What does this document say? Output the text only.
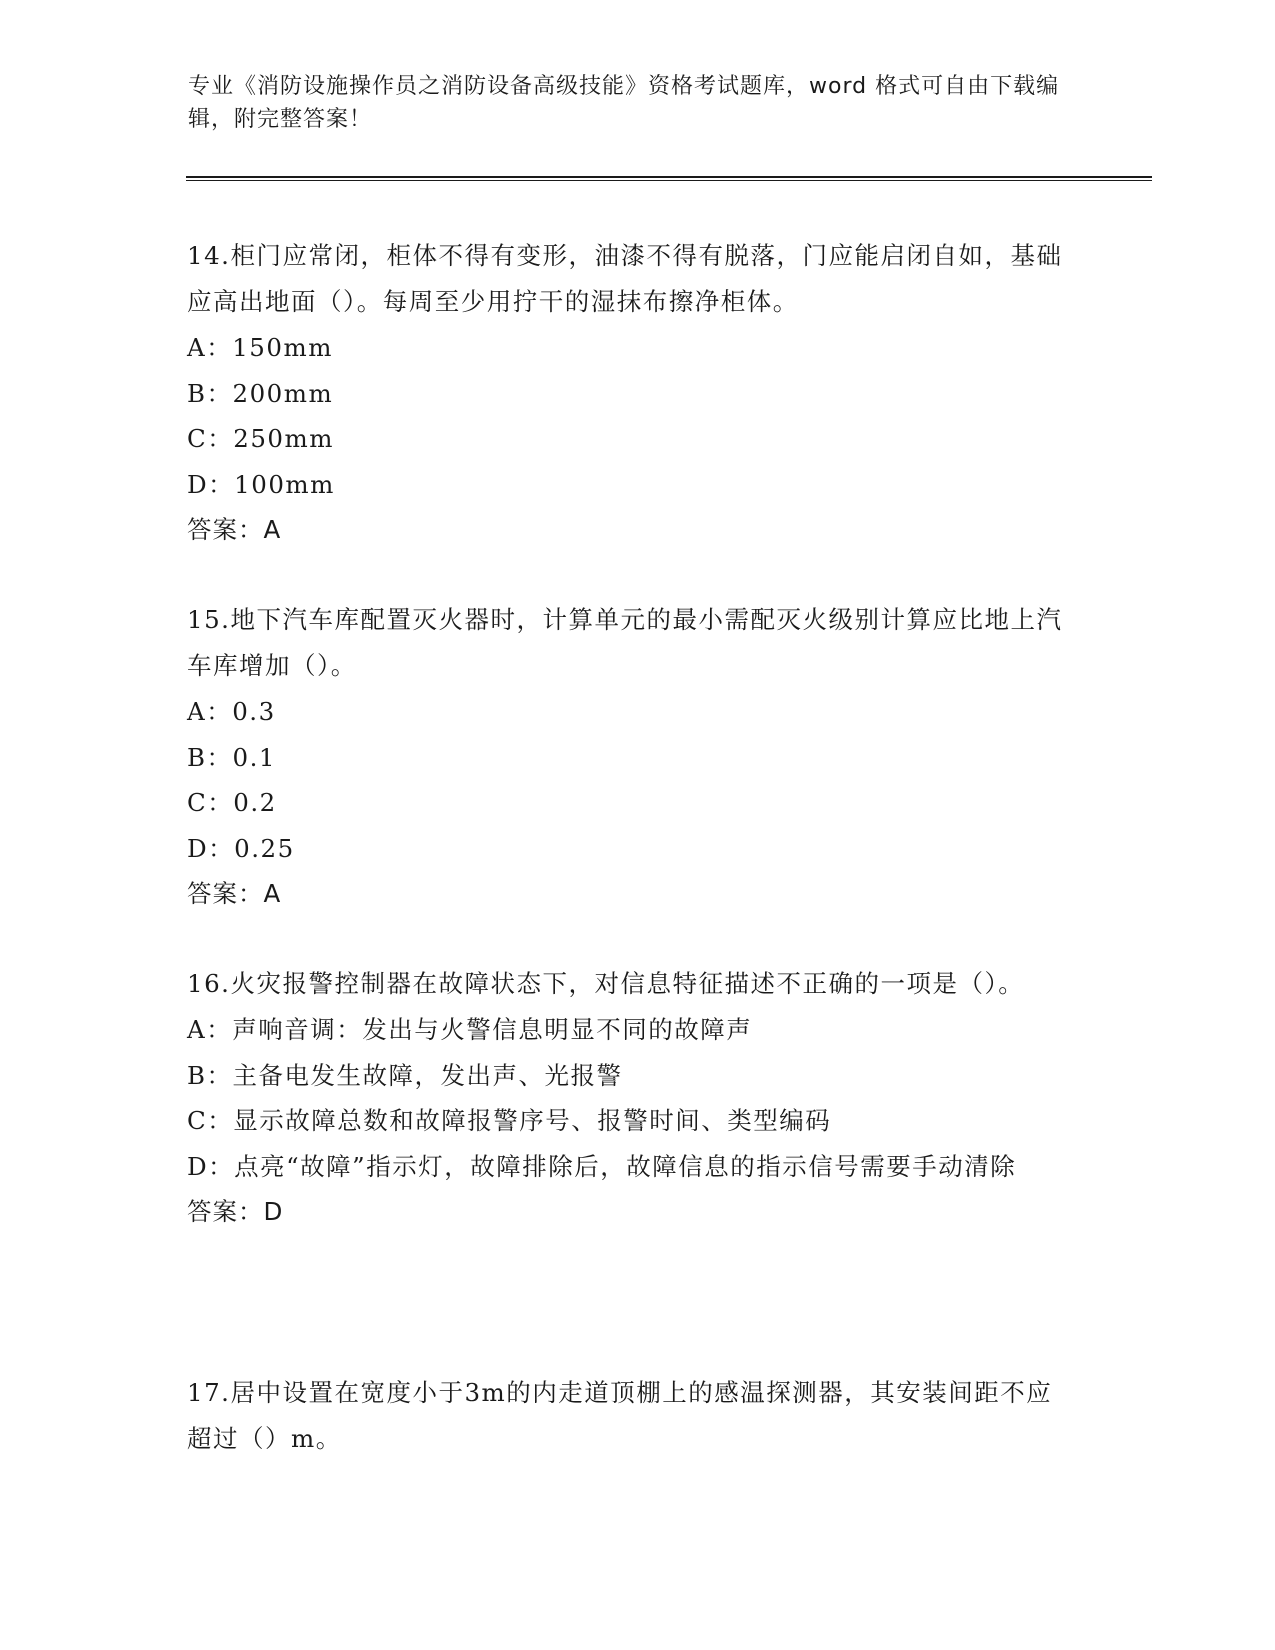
专业《消防设施操作员之消防设备高级技能》资格考试题库，word 格式可自由下载编辑，附完整答案！

14.柜门应常闭，柜体不得有变形，油漆不得有脱落，门应能启闭自如，基础应高出地面（）。每周至少用拧干的湿抹布擦净柜体。

A：150mm

B：200mm

C：250mm

D：100mm

答案：A

15.地下汽车库配置灭火器时，计算单元的最小需配灭火级别计算应比地上汽车库增加（）。

A：0.3

B：0.1

C：0.2

D：0.25

答案：A

16.火灾报警控制器在故障状态下，对信息特征描述不正确的一项是（）。

A：声响音调：发出与火警信息明显不同的故障声

B：主备电发生故障，发出声、光报警

C：显示故障总数和故障报警序号、报警时间、类型编码

D：点亮“故障”指示灯，故障排除后，故障信息的指示信号需要手动清除

答案：D

17.居中设置在宽度小于3m的内走道顶棚上的感温探测器，其安装间距不应超过（）m。
